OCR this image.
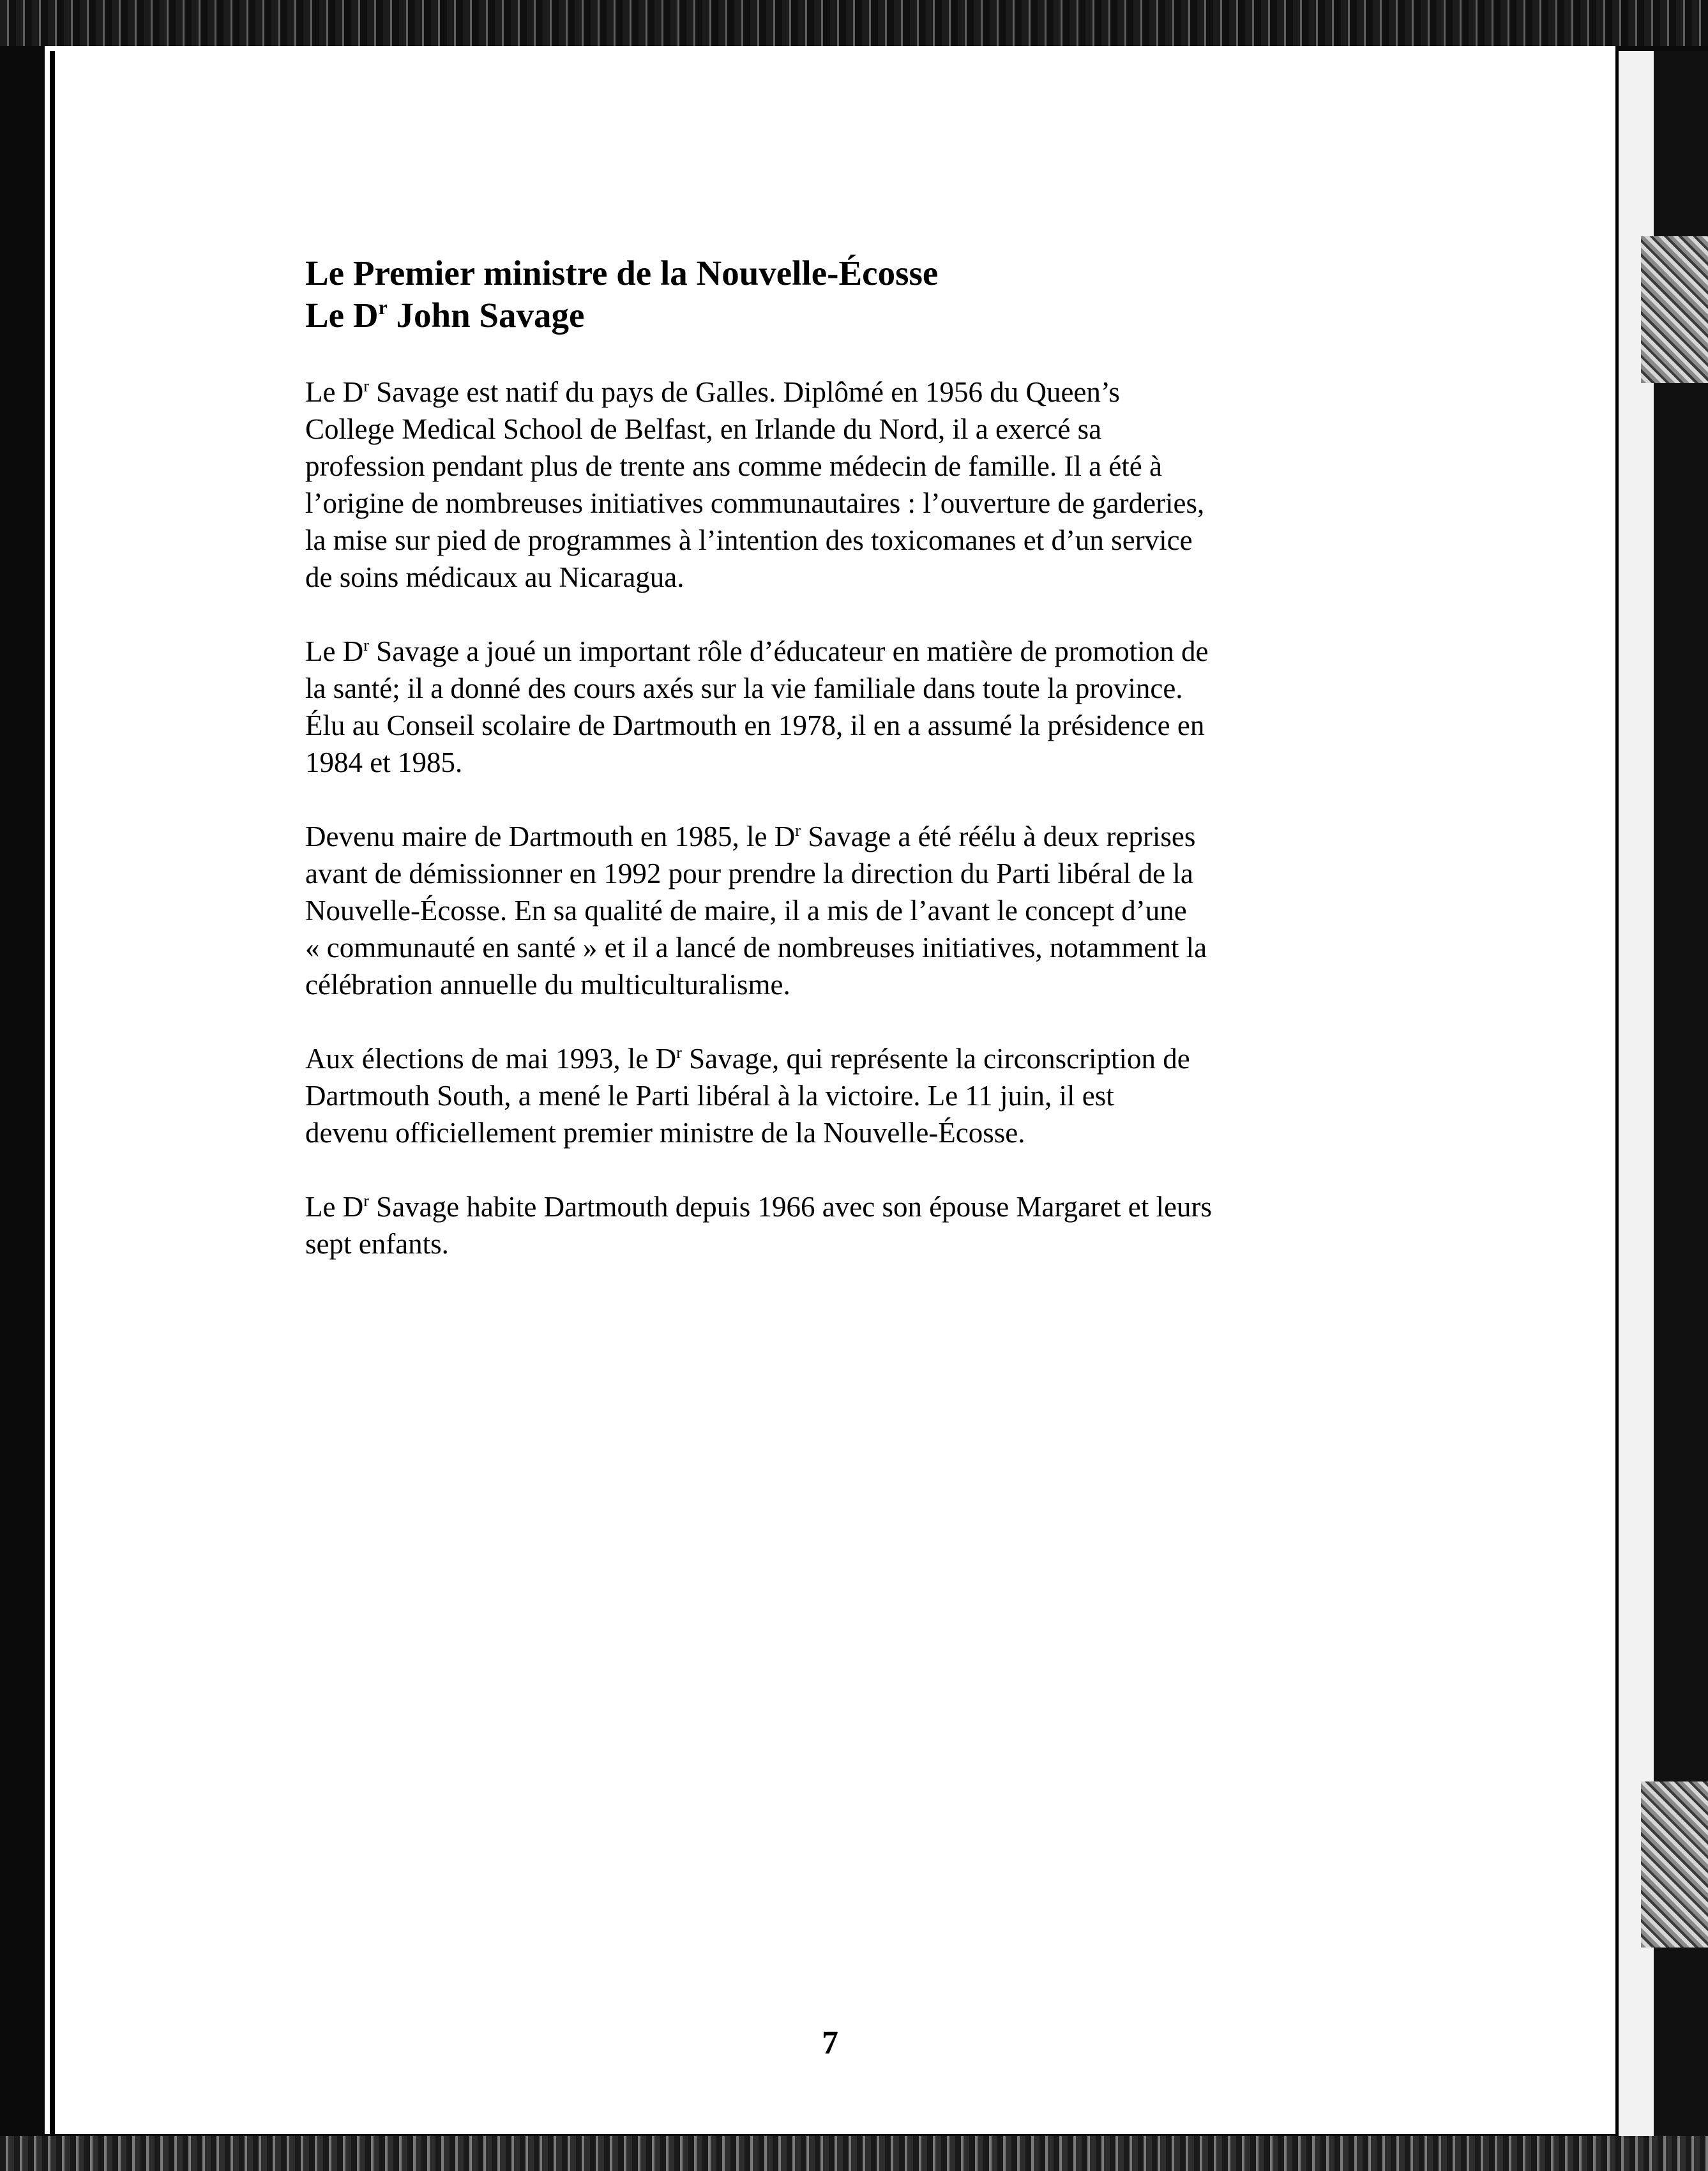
Le Premier ministre de la Nouvelle-Écosse

Le $D^r$ John Savage

Le $D^r$ Savage est natif du pays de Galles. Diplômé en 1956 du Queen’s
College Medical School de Belfast, en Irlande du Nord, il a exercé sa
profession pendant plus de trente ans comme médecin de famille. Il a été à
l’origine de nombreuses initiatives communautaires : l’ouverture de garderies,
la mise sur pied de programmes à l’intention des toxicomanes et d’un service
de soins médicaux au Nicaragua.
Le $D^r$ Savage a joué un important rôle d’éducateur en matière de promotion de
la santé; il a donné des cours axés sur la vie familiale dans toute la province.
Élu au Conseil scolaire de Dartmouth en 1978, il en a assumé la présidence en
1984 et 1985.
Devenu maire de Dartmouth en 1985, le $D^r$ Savage a été réélu à deux reprises
avant de démissionner en 1992 pour prendre la direction du Parti libéral de la
Nouvelle-Écosse. En sa qualité de maire, il a mis de l’avant le concept d’une
« communauté en santé » et il a lancé de nombreuses initiatives, notamment la
célébration annuelle du multiculturalisme.
Aux élections de mai 1993, le $D^r$ Savage, qui représente la circonscription de
Dartmouth South, a mené le Parti libéral à la victoire. Le 11 juin, il est
devenu officiellement premier ministre de la Nouvelle-Écosse.
Le $D^r$ Savage habite Dartmouth depuis 1966 avec son épouse Margaret et leurs
sept enfants.
7
